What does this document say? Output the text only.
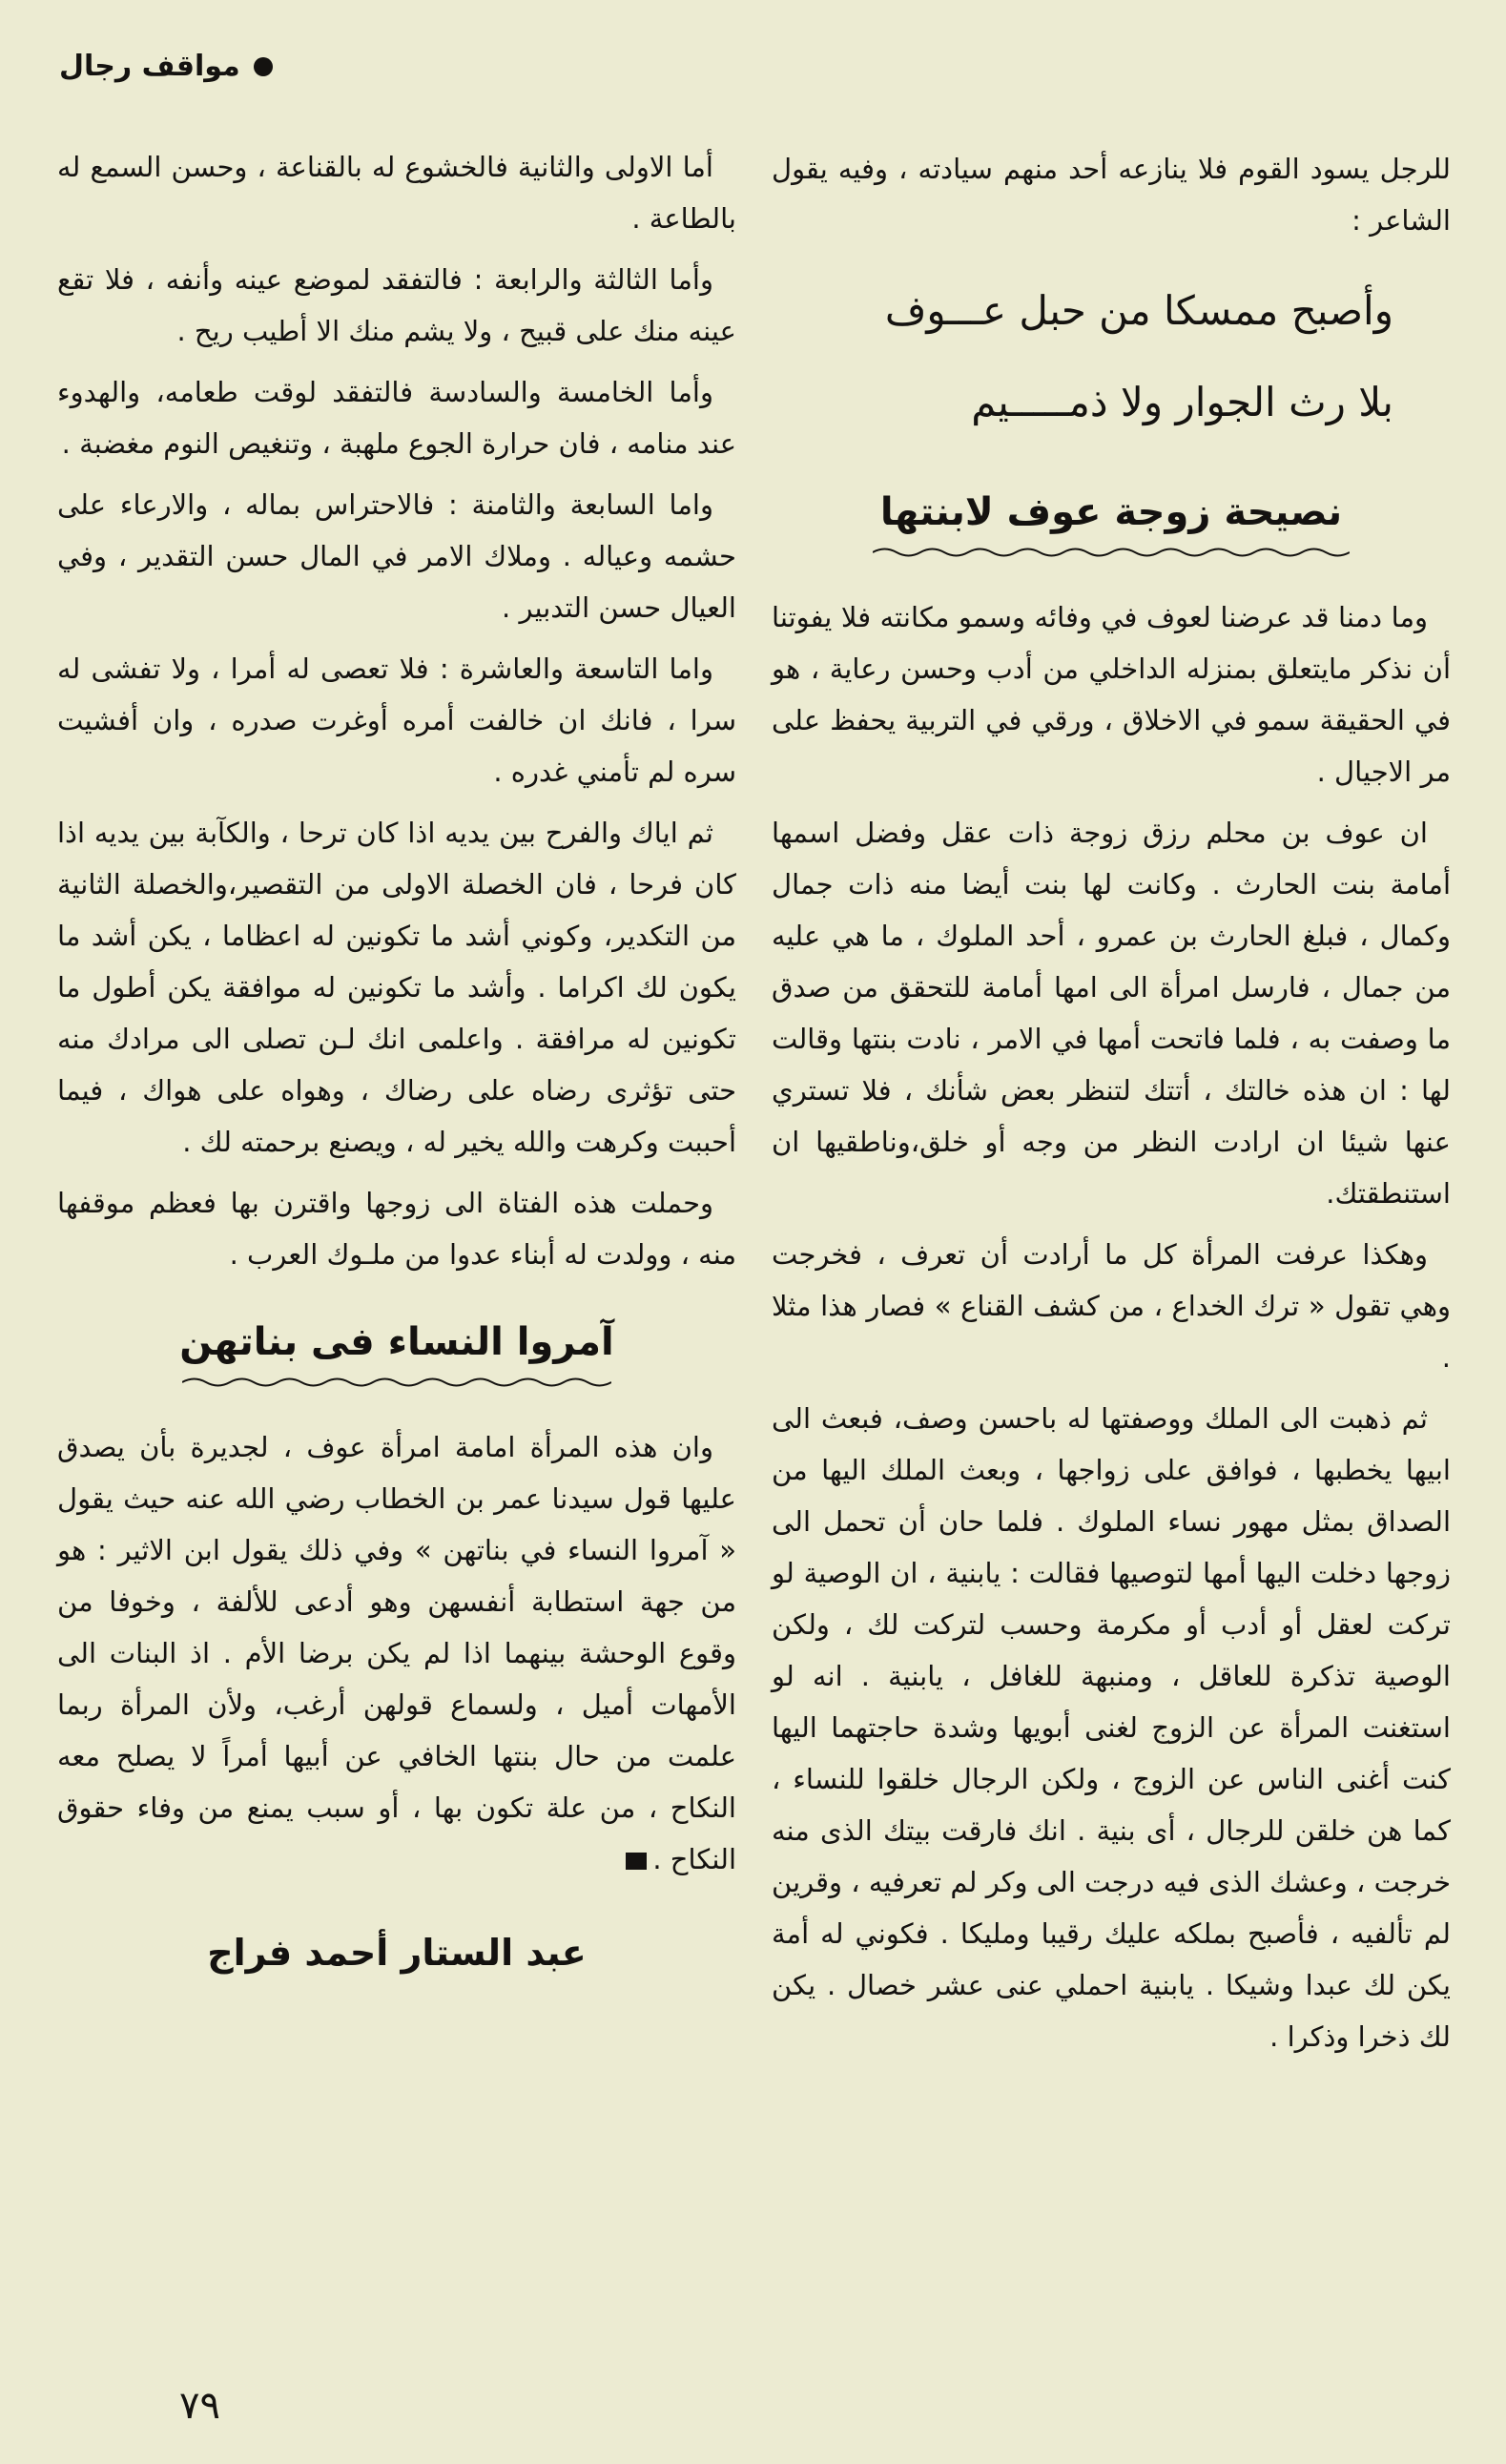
مواقف رجال

للرجل يسود القوم فلا ينازعه أحد منهم سيادته ، وفيه يقول الشاعر :

وأصبح ممسكا من حبل عـــوف
بلا رث الجوار ولا ذمـــــيم
نصيحة زوجة عوف لابنتها

وما دمنا قد عرضنا لعوف في وفائه وسمو مكانته فلا يفوتنا أن نذكر مايتعلق بمنزله الداخلي من أدب وحسن رعاية ، هو في الحقيقة سمو في الاخلاق ، ورقي في التربية يحفظ على مر الاجيال .

ان عوف بن محلم رزق زوجة ذات عقل وفضل اسمها أمامة بنت الحارث . وكانت لها بنت أيضا منه ذات جمال وكمال ، فبلغ الحارث بن عمرو ، أحد الملوك ، ما هي عليه من جمال ، فارسل امرأة الى امها أمامة للتحقق من صدق ما وصفت به ، فلما فاتحت أمها في الامر ، نادت بنتها وقالت لها : ان هذه خالتك ، أتتك لتنظر بعض شأنك ، فلا تستري عنها شيئا ان ارادت النظر من وجه أو خلق،وناطقيها ان استنطقتك.

وهكذا عرفت المرأة كل ما أرادت أن تعرف ، فخرجت وهي تقول « ترك الخداع ، من كشف القناع » فصار هذا مثلا .

ثم ذهبت الى الملك ووصفتها له باحسن وصف، فبعث الى ابيها يخطبها ، فوافق على زواجها ، وبعث الملك اليها من الصداق بمثل مهور نساء الملوك . فلما حان أن تحمل الى زوجها دخلت اليها أمها لتوصيها فقالت : يابنية ، ان الوصية لو تركت لعقل أو أدب أو مكرمة وحسب لتركت لك ، ولكن الوصية تذكرة للعاقل ، ومنبهة للغافل ، يابنية . انه لو استغنت المرأة عن الزوج لغنى أبويها وشدة حاجتهما اليها كنت أغنى الناس عن الزوج ، ولكن الرجال خلقوا للنساء ، كما هن خلقن للرجال ، أى بنية . انك فارقت بيتك الذى منه خرجت ، وعشك الذى فيه درجت الى وكر لم تعرفيه ، وقرين لم تألفيه ، فأصبح بملكه عليك رقيبا ومليكا . فكوني له أمة يكن لك عبدا وشيكا . يابنية احملي عنى عشر خصال . يكن لك ذخرا وذكرا .

أما الاولى والثانية فالخشوع له بالقناعة ، وحسن السمع له بالطاعة .

وأما الثالثة والرابعة : فالتفقد لموضع عينه وأنفه ، فلا تقع عينه منك على قبيح ، ولا يشم منك الا أطيب ريح .

وأما الخامسة والسادسة فالتفقد لوقت طعامه، والهدوء عند منامه ، فان حرارة الجوع ملهبة ، وتنغيص النوم مغضبة .

واما السابعة والثامنة : فالاحتراس بماله ، والارعاء على حشمه وعياله . وملاك الامر في المال حسن التقدير ، وفي العيال حسن التدبير .

واما التاسعة والعاشرة : فلا تعصى له أمرا ، ولا تفشى له سرا ، فانك ان خالفت أمره أوغرت صدره ، وان أفشيت سره لم تأمني غدره .

ثم اياك والفرح بين يديه اذا كان ترحا ، والكآبة بين يديه اذا كان فرحا ، فان الخصلة الاولى من التقصير،والخصلة الثانية من التكدير، وكوني أشد ما تكونين له اعظاما ، يكن أشد ما يكون لك اكراما . وأشد ما تكونين له موافقة يكن أطول ما تكونين له مرافقة . واعلمى انك لـن تصلى الى مرادك منه حتى تؤثرى رضاه على رضاك ، وهواه على هواك ، فيما أحببت وكرهت والله يخير له ، ويصنع برحمته لك .

وحملت هذه الفتاة الى زوجها واقترن بها فعظم موقفها منه ، وولدت له أبناء عدوا من ملـوك العرب .

آمروا النساء فى بناتهن

وان هذه المرأة امامة امرأة عوف ، لجديرة بأن يصدق عليها قول سيدنا عمر بن الخطاب رضي الله عنه حيث يقول « آمروا النساء في بناتهن » وفي ذلك يقول ابن الاثير : هو من جهة استطابة أنفسهن وهو أدعى للألفة ، وخوفا من وقوع الوحشة بينهما اذا لم يكن برضا الأم . اذ البنات الى الأمهات أميل ، ولسماع قولهن أرغب، ولأن المرأة ربما علمت من حال بنتها الخافي عن أبيها أمراً لا يصلح معه النكاح ، من علة تكون بها ، أو سبب يمنع من وفاء حقوق النكاح .

عبد الستار أحمد فراج
٧٩
